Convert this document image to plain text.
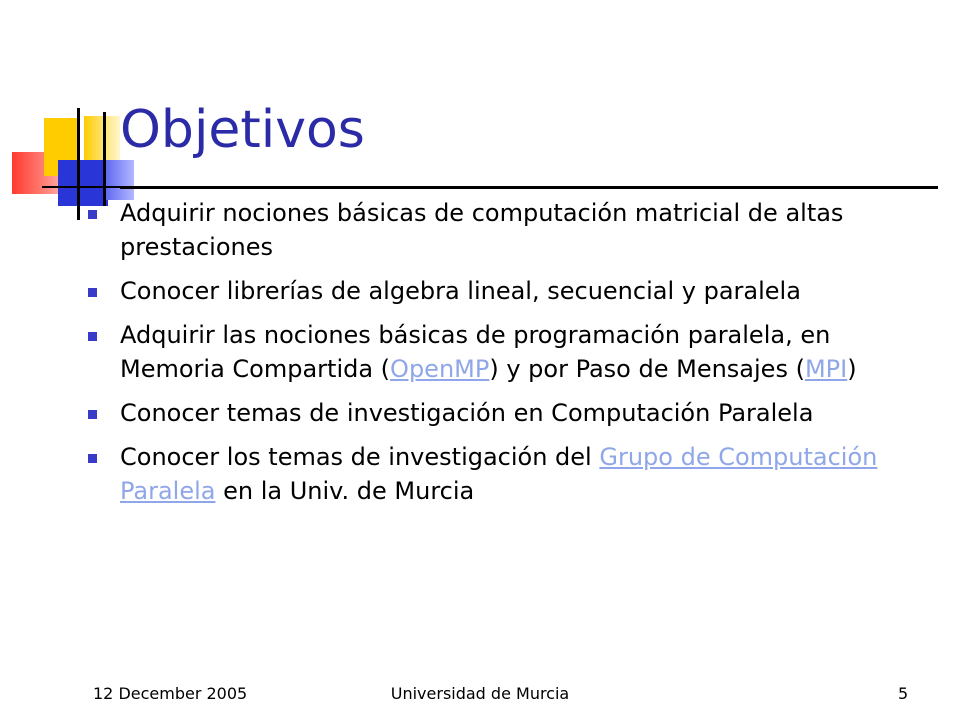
Objetivos
Adquirir nociones básicas de computación matricial de altas prestaciones
Conocer librerías de algebra lineal, secuencial y paralela
Adquirir las nociones básicas de programación paralela, en Memoria Compartida (OpenMP) y por Paso de Mensajes (MPI)
Conocer temas de investigación en Computación Paralela
Conocer los temas de investigación del Grupo de Computación Paralela en la Univ. de Murcia
12 December 2005	Universidad de Murcia	5
